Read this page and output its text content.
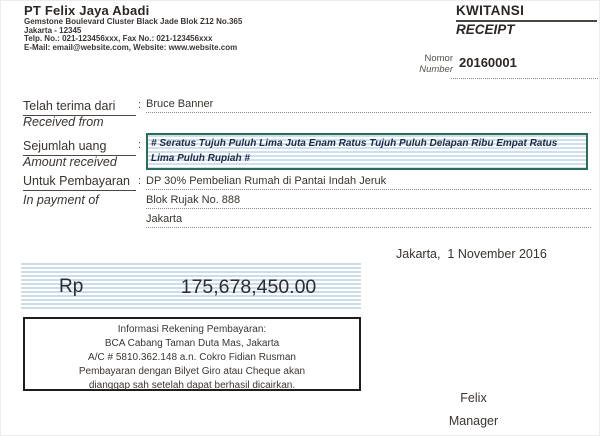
PT Felix Jaya Abadi
Gemstone Boulevard Cluster Black Jade Blok Z12 No.365
Jakarta - 12345
Telp. No.: 021-123456xxx, Fax No.: 021-123456xxx
E-Mail: email@website.com, Website: www.website.com
KWITANSI
RECEIPT
Nomor
Number 20160001
Telah terima dari
Received from
Sejumlah uang
Amount received
Untuk Pembayaran
In payment of
:
:
:
Bruce Banner
# Seratus Tujuh Puluh Lima Juta Enam Ratus Tujuh Puluh Delapan Ribu Empat Ratus Lima Puluh Rupiah #
DP 30% Pembelian Rumah di Pantai Indah Jeruk
Blok Rujak No. 888
Jakarta
Jakarta,  1 November 2016
Rp	175,678,450.00
Informasi Rekening Pembayaran:
BCA Cabang Taman Duta Mas, Jakarta
A/C # 5810.362.148 a.n. Cokro Fidian Rusman
Pembayaran dengan Bilyet Giro atau Cheque akan
dianggap sah setelah dapat berhasil dicairkan.
Felix
Manager
